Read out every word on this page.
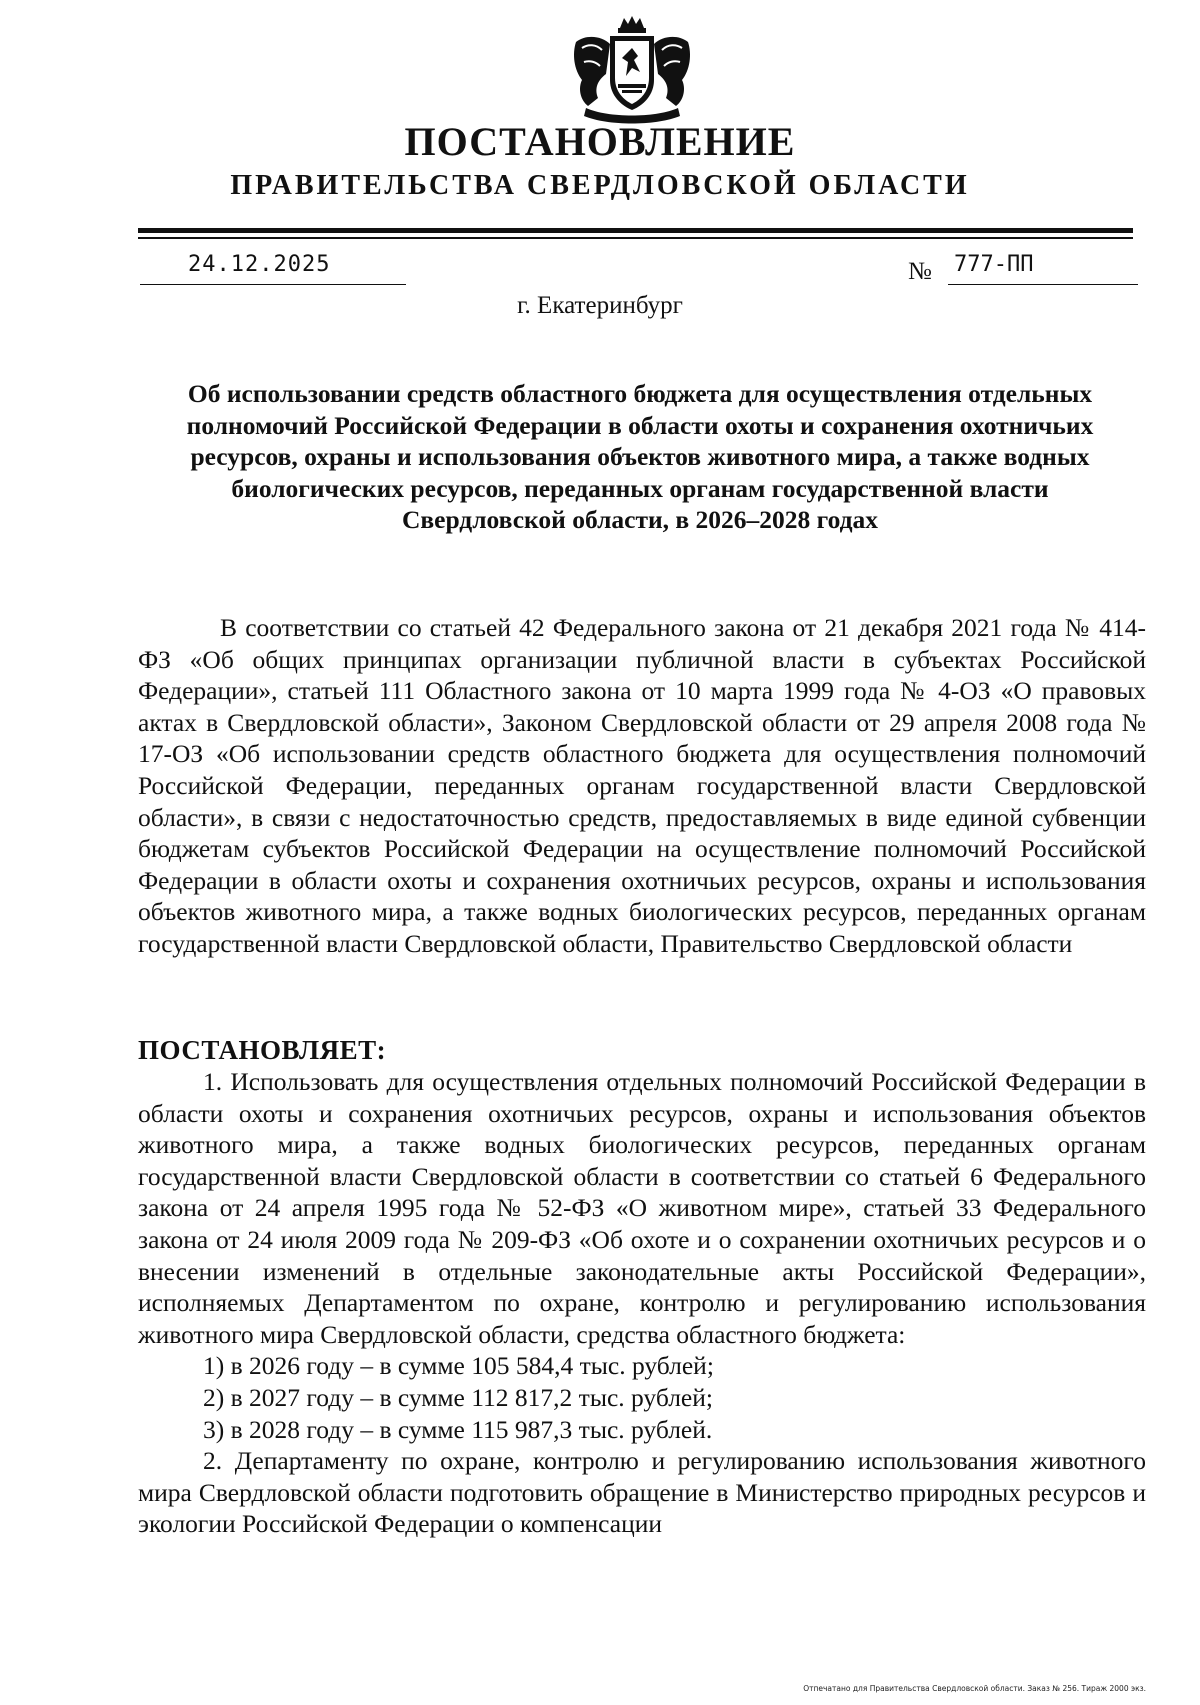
ПОСТАНОВЛЕНИЕ
ПРАВИТЕЛЬСТВА СВЕРДЛОВСКОЙ ОБЛАСТИ
24.12.2025	№ 777-ПП
г. Екатеринбург
Об использовании средств областного бюджета для осуществления отдельных полномочий Российской Федерации в области охоты и сохранения охотничьих ресурсов, охраны и использования объектов животного мира, а также водных биологических ресурсов, переданных органам государственной власти Свердловской области, в 2026–2028 годах

В соответствии со статьей 42 Федерального закона от 21 декабря 2021 года № 414-ФЗ «Об общих принципах организации публичной власти в субъектах Российской Федерации», статьей 111 Областного закона от 10 марта 1999 года № 4-ОЗ «О правовых актах в Свердловской области», Законом Свердловской области от 29 апреля 2008 года № 17-ОЗ «Об использовании средств областного бюджета для осуществления полномочий Российской Федерации, переданных органам государственной власти Свердловской области», в связи с недостаточностью средств, предоставляемых в виде единой субвенции бюджетам субъектов Российской Федерации на осуществление полномочий Российской Федерации в области охоты и сохранения охотничьих ресурсов, охраны и использования объектов животного мира, а также водных биологических ресурсов, переданных органам государственной власти Свердловской области, Правительство Свердловской области

ПОСТАНОВЛЯЕТ:

1. Использовать для осуществления отдельных полномочий Российской Федерации в области охоты и сохранения охотничьих ресурсов, охраны и использования объектов животного мира, а также водных биологических ресурсов, переданных органам государственной власти Свердловской области в соответствии со статьей 6 Федерального закона от 24 апреля 1995 года № 52-ФЗ «О животном мире», статьей 33 Федерального закона от 24 июля 2009 года № 209-ФЗ «Об охоте и о сохранении охотничьих ресурсов и о внесении изменений в отдельные законодательные акты Российской Федерации», исполняемых Департаментом по охране, контролю и регулированию использования животного мира Свердловской области, средства областного бюджета:

1) в 2026 году – в сумме 105 584,4 тыс. рублей;

2) в 2027 году – в сумме 112 817,2 тыс. рублей;

3) в 2028 году – в сумме 115 987,3 тыс. рублей.

2. Департаменту по охране, контролю и регулированию использования животного мира Свердловской области подготовить обращение в Министерство природных ресурсов и экологии Российской Федерации о компенсации

Отпечатано для Правительства Свердловской области. Заказ № 256. Тираж 2000 экз.
